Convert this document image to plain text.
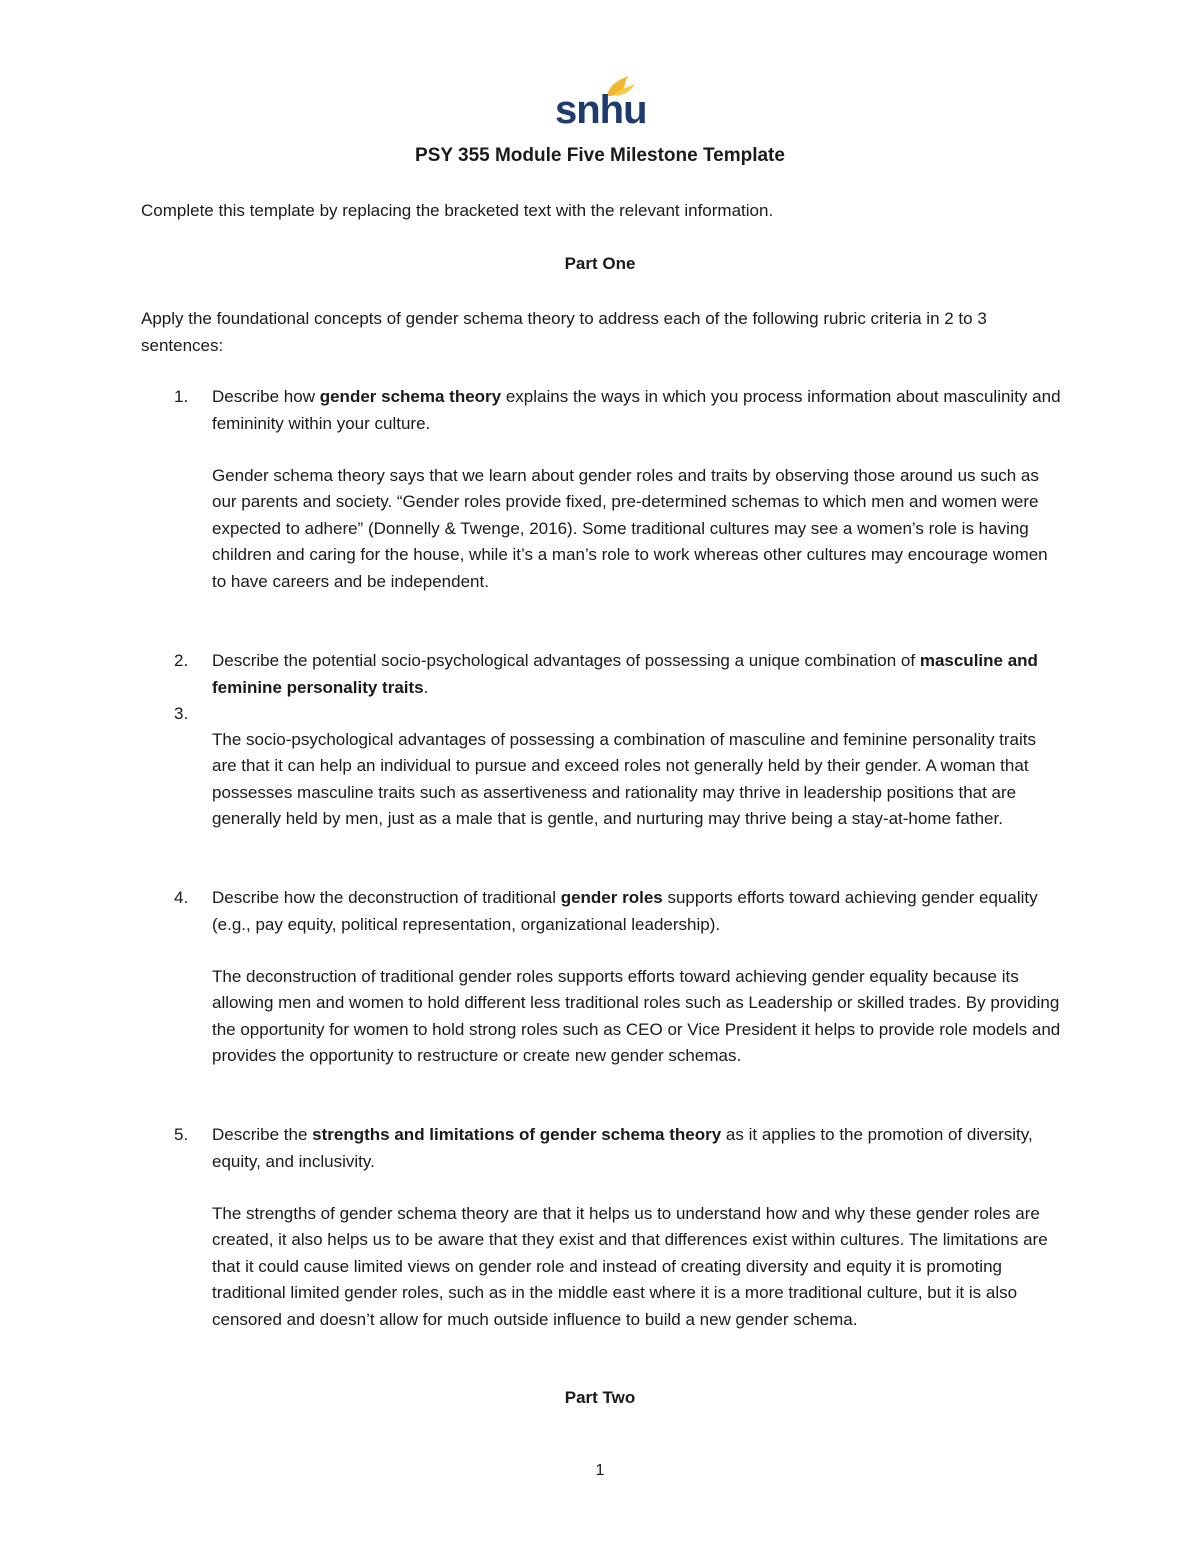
snhu
PSY 355 Module Five Milestone Template
Complete this template by replacing the bracketed text with the relevant information.
Part One
Apply the foundational concepts of gender schema theory to address each of the following rubric criteria in 2 to 3 sentences:
1.	Describe how gender schema theory explains the ways in which you process information about masculinity and femininity within your culture.
Gender schema theory says that we learn about gender roles and traits by observing those around us such as our parents and society. “Gender roles provide fixed, pre-determined schemas to which men and women were expected to adhere” (Donnelly & Twenge, 2016). Some traditional cultures may see a women’s role is having children and caring for the house, while it’s a man’s role to work whereas other cultures may encourage women to have careers and be independent.
2.	Describe the potential socio-psychological advantages of possessing a unique combination of masculine and feminine personality traits.
3.
The socio-psychological advantages of possessing a combination of masculine and feminine personality traits are that it can help an individual to pursue and exceed roles not generally held by their gender. A woman that possesses masculine traits such as assertiveness and rationality may thrive in leadership positions that are generally held by men, just as a male that is gentle, and nurturing may thrive being a stay-at-home father.
4.	Describe how the deconstruction of traditional gender roles supports efforts toward achieving gender equality (e.g., pay equity, political representation, organizational leadership).
The deconstruction of traditional gender roles supports efforts toward achieving gender equality because its allowing men and women to hold different less traditional roles such as Leadership or skilled trades. By providing the opportunity for women to hold strong roles such as CEO or Vice President it helps to provide role models and provides the opportunity to restructure or create new gender schemas.
5.	Describe the strengths and limitations of gender schema theory as it applies to the promotion of diversity, equity, and inclusivity.
The strengths of gender schema theory are that it helps us to understand how and why these gender roles are created, it also helps us to be aware that they exist and that differences exist within cultures. The limitations are that it could cause limited views on gender role and instead of creating diversity and equity it is promoting traditional limited gender roles, such as in the middle east where it is a more traditional culture, but it is also censored and doesn’t allow for much outside influence to build a new gender schema.
Part Two
1
